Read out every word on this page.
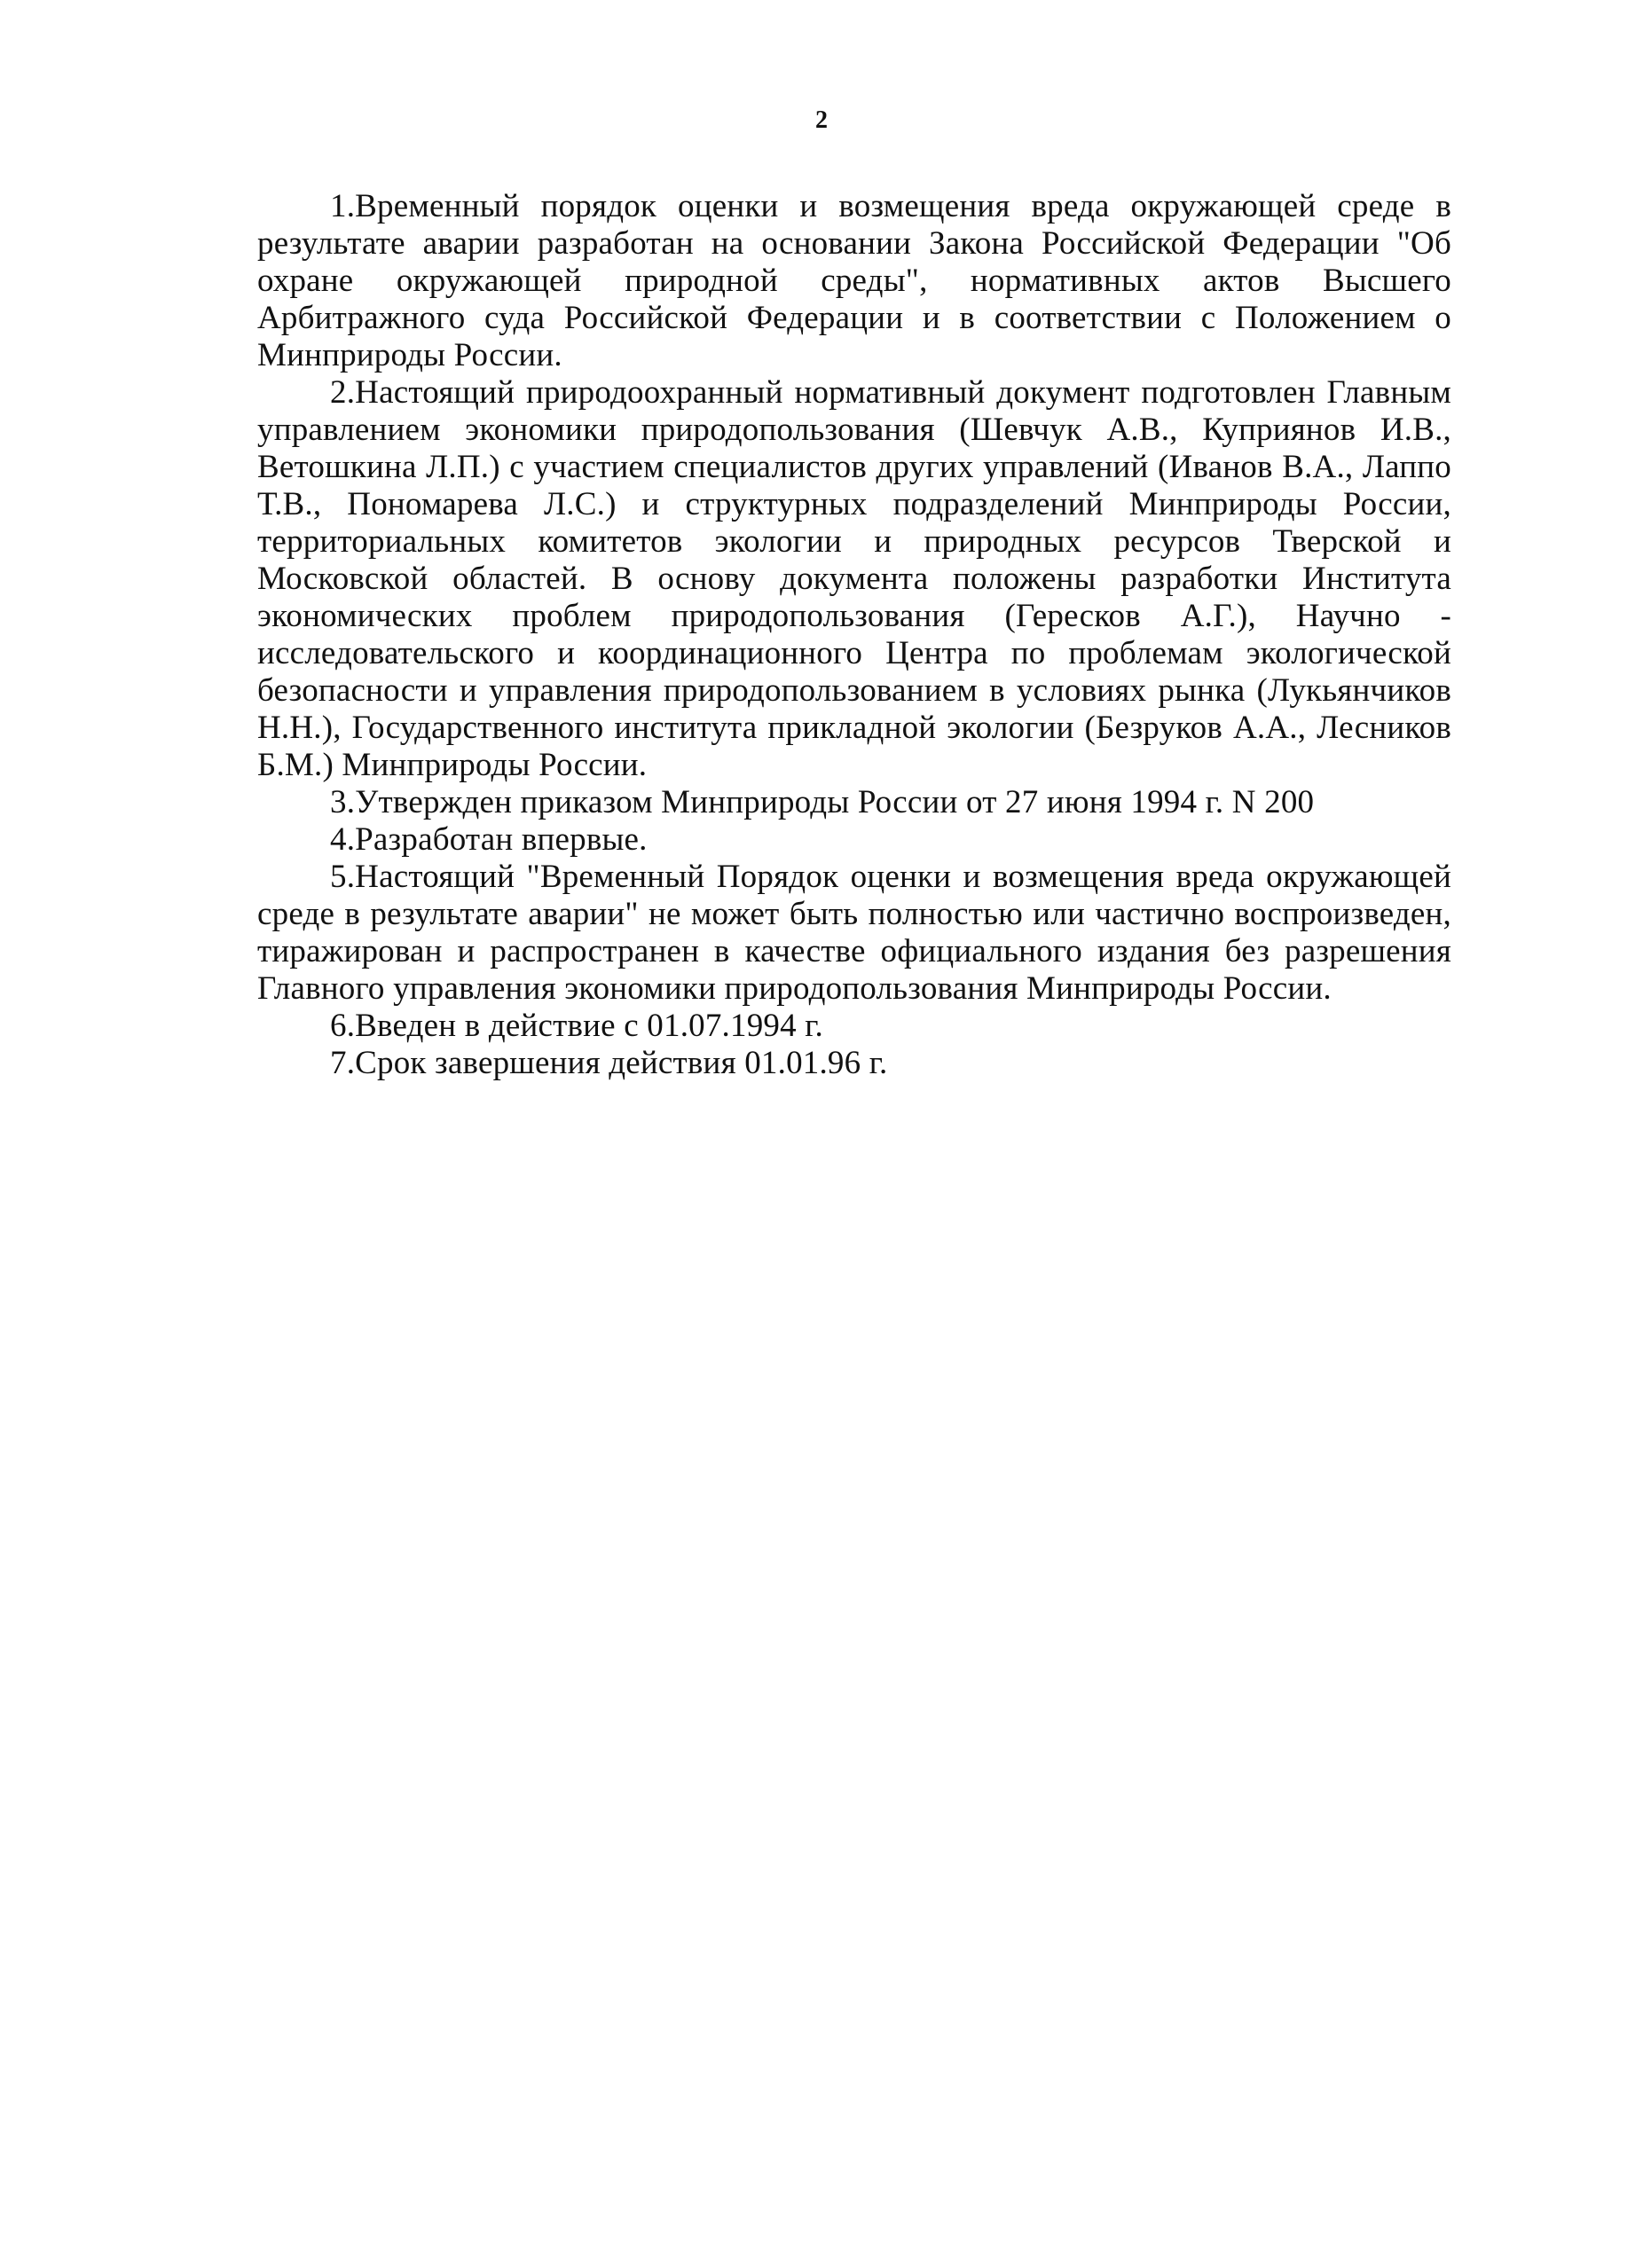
2

1.Временный порядок оценки и возмещения вреда окружающей среде в результате аварии разработан на основании Закона Российской Федерации "Об охране окружающей природной среды", нормативных актов Высшего Арбитражного суда Российской Федерации и в соответствии с Положением о Минприроды России.

2.Настоящий природоохранный нормативный документ подготовлен Главным управлением экономики природопользования (Шевчук А.В., Куприянов И.В., Ветошкина Л.П.) с участием специалистов других управлений (Иванов В.А., Лаппо Т.В., Пономарева Л.С.) и структурных подразделений Минприроды России, территориальных комитетов экологии и природных ресурсов Тверской и Московской областей. В основу документа положены разработки Института экономических проблем природопользования (Гересков А.Г.), Научно - исследовательского и координационного Центра по проблемам экологической безопасности и управления природопользованием в условиях рынка (Лукьянчиков Н.Н.), Государственного института прикладной экологии (Безруков А.А., Лесников Б.М.) Минприроды России.

3.Утвержден приказом Минприроды России от 27 июня 1994 г. N 200

4.Разработан впервые.

5.Настоящий "Временный Порядок оценки и возмещения вреда окружающей среде в результате аварии" не может быть полностью или частично воспроизведен, тиражирован и распространен в качестве официального издания без разрешения Главного управления экономики природопользования Минприроды России.

6.Введен в действие с 01.07.1994 г.

7.Срок завершения действия 01.01.96 г.
